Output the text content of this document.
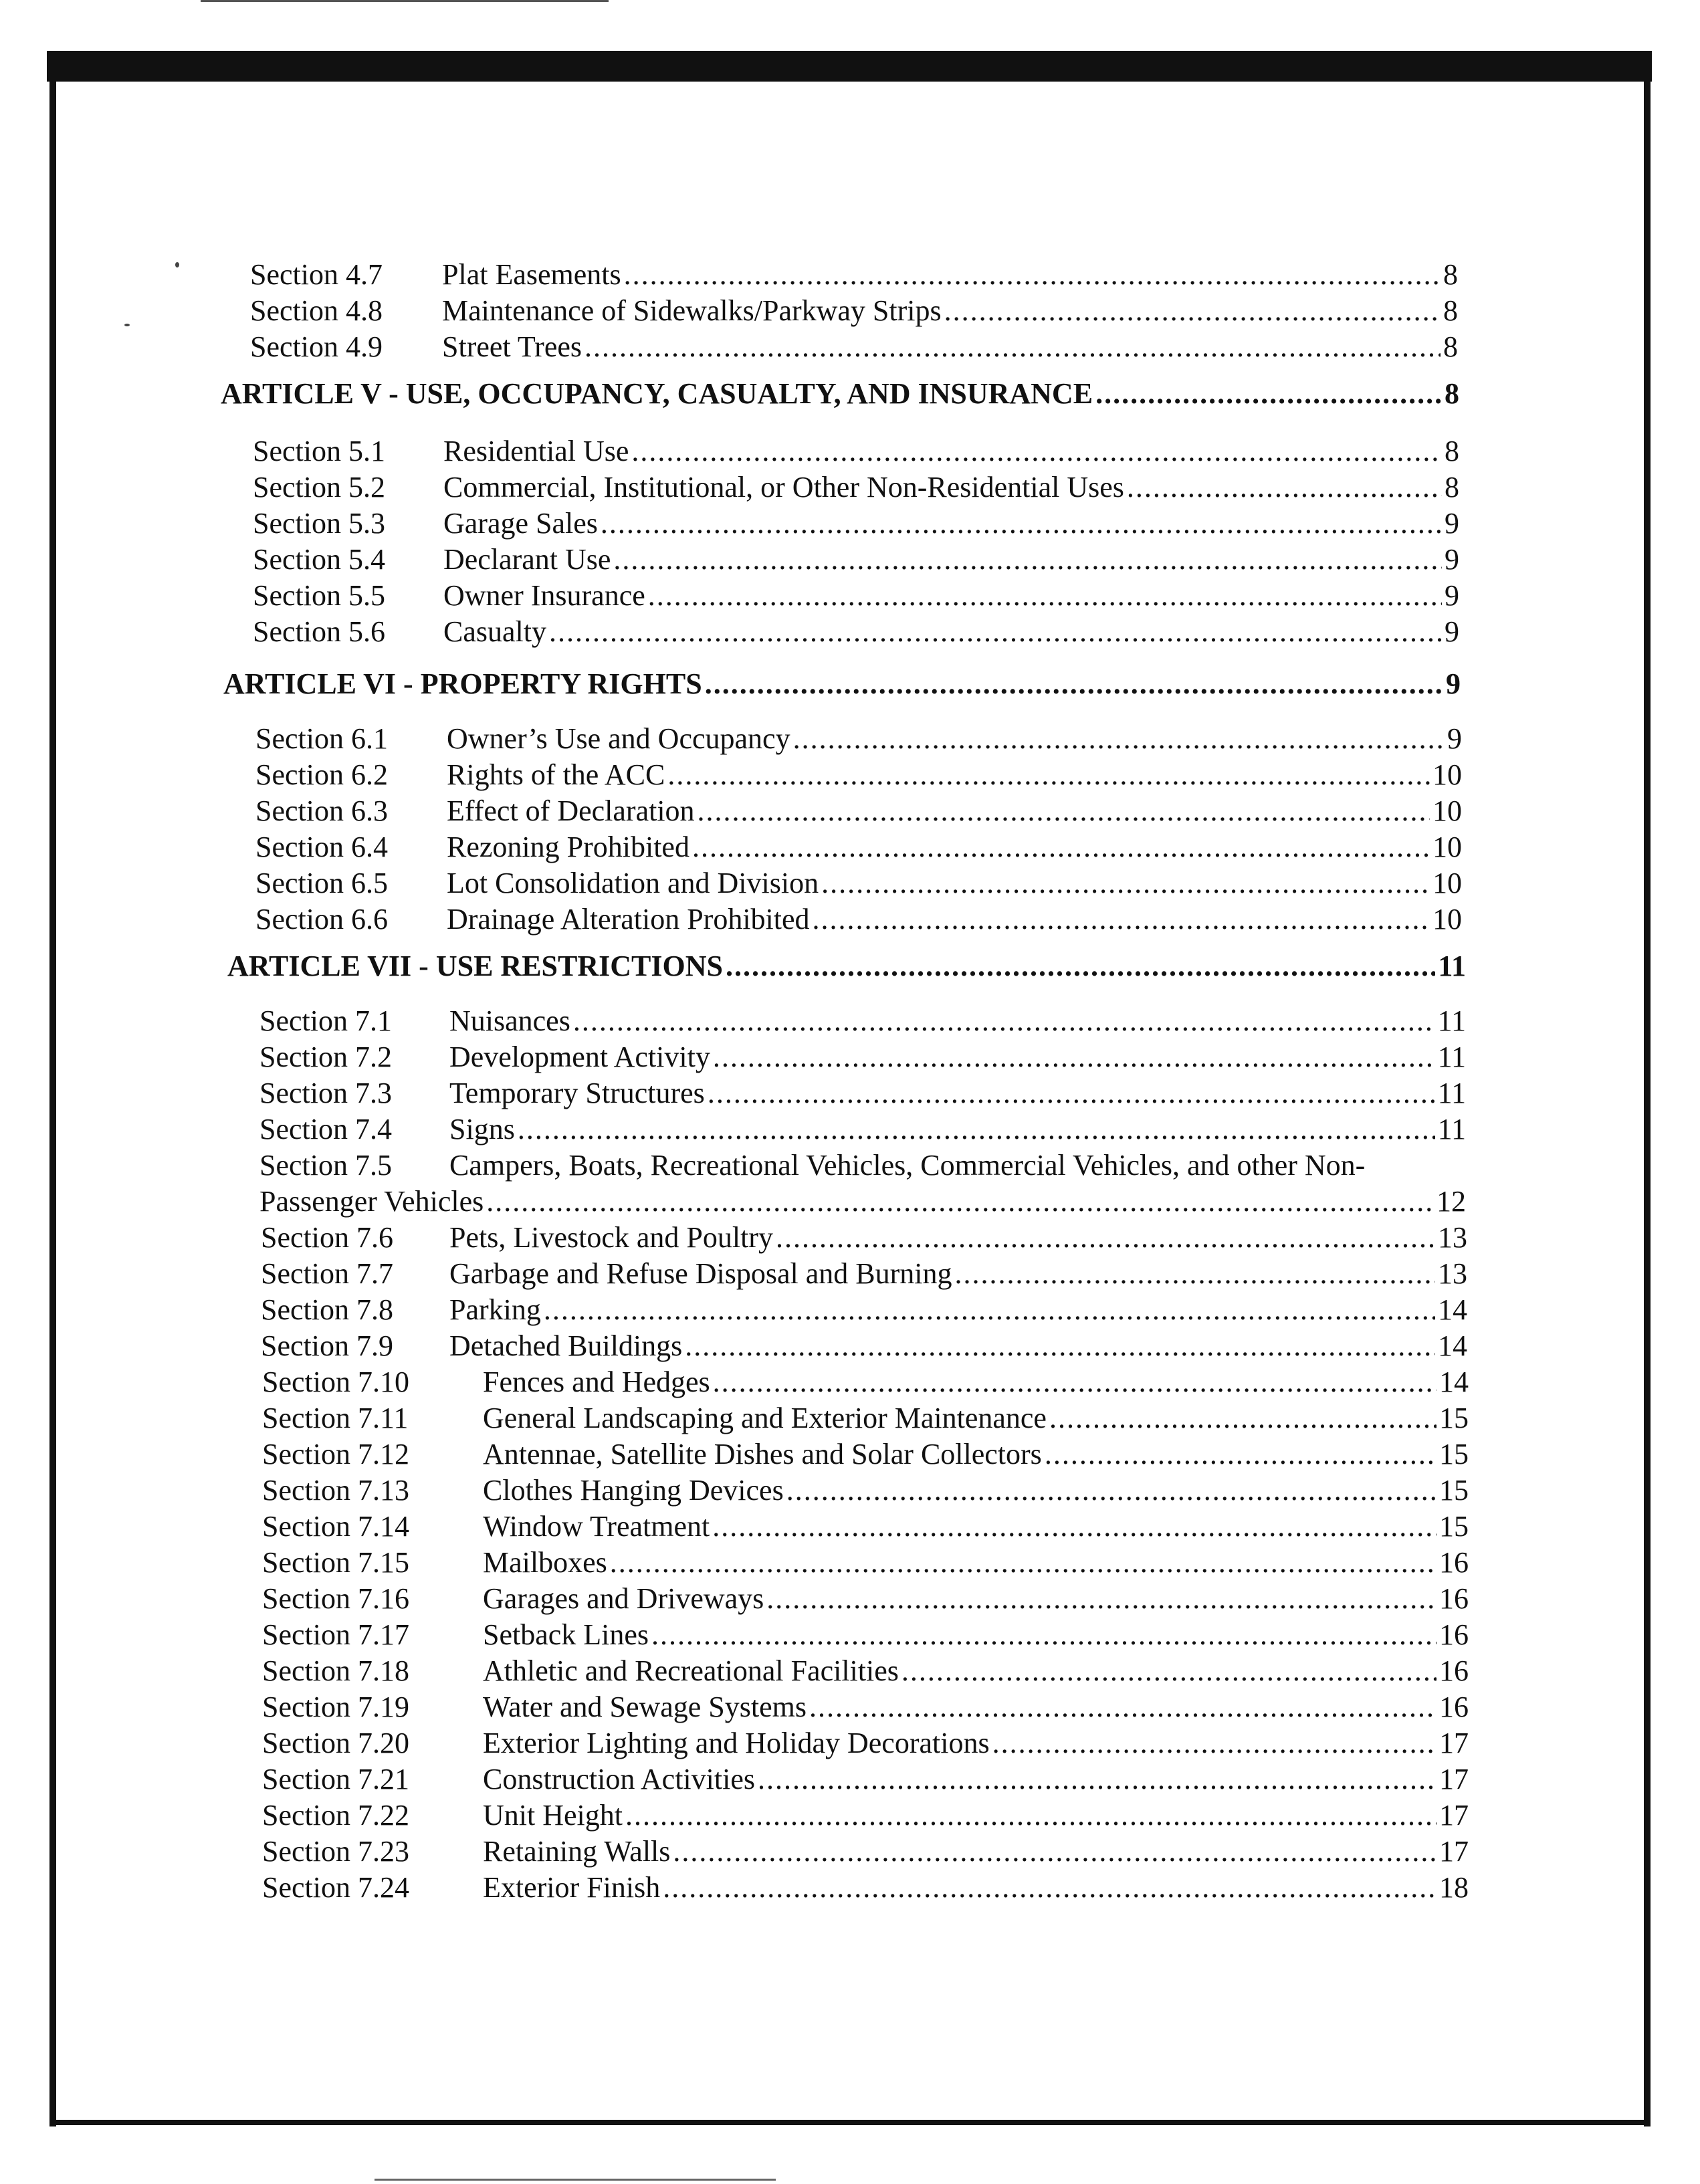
Section 4.7	Plat Easements .....	8
Section 4.8	Maintenance of Sidewalks/Parkway Strips .....	8
Section 4.9	Street Trees .....	8
ARTICLE V - USE, OCCUPANCY, CASUALTY, AND INSURANCE .....	8
Section 5.1	Residential Use .....	8
Section 5.2	Commercial, Institutional, or Other Non-Residential Uses .....	8
Section 5.3	Garage Sales .....	9
Section 5.4	Declarant Use .....	9
Section 5.5	Owner Insurance .....	9
Section 5.6	Casualty .....	9
ARTICLE VI - PROPERTY RIGHTS .....	9
Section 6.1	Owner’s Use and Occupancy .....	9
Section 6.2	Rights of the ACC .....	10
Section 6.3	Effect of Declaration .....	10
Section 6.4	Rezoning Prohibited .....	10
Section 6.5	Lot Consolidation and Division .....	10
Section 6.6	Drainage Alteration Prohibited .....	10
ARTICLE VII - USE RESTRICTIONS .....	11
Section 7.1	Nuisances .....	11
Section 7.2	Development Activity .....	11
Section 7.3	Temporary Structures .....	11
Section 7.4	Signs .....	11
Section 7.5	Campers, Boats, Recreational Vehicles, Commercial Vehicles, and other Non-
Passenger Vehicles .....	12
Section 7.6	Pets, Livestock and Poultry .....	13
Section 7.7	Garbage and Refuse Disposal and Burning .....	13
Section 7.8	Parking .....	14
Section 7.9	Detached Buildings .....	14
Section 7.10	Fences and Hedges .....	14
Section 7.11	General Landscaping and Exterior Maintenance .....	15
Section 7.12	Antennae, Satellite Dishes and Solar Collectors .....	15
Section 7.13	Clothes Hanging Devices .....	15
Section 7.14	Window Treatment .....	15
Section 7.15	Mailboxes .....	16
Section 7.16	Garages and Driveways .....	16
Section 7.17	Setback Lines .....	16
Section 7.18	Athletic and Recreational Facilities .....	16
Section 7.19	Water and Sewage Systems .....	16
Section 7.20	Exterior Lighting and Holiday Decorations .....	17
Section 7.21	Construction Activities .....	17
Section 7.22	Unit Height .....	17
Section 7.23	Retaining Walls .....	17
Section 7.24	Exterior Finish .....	18
